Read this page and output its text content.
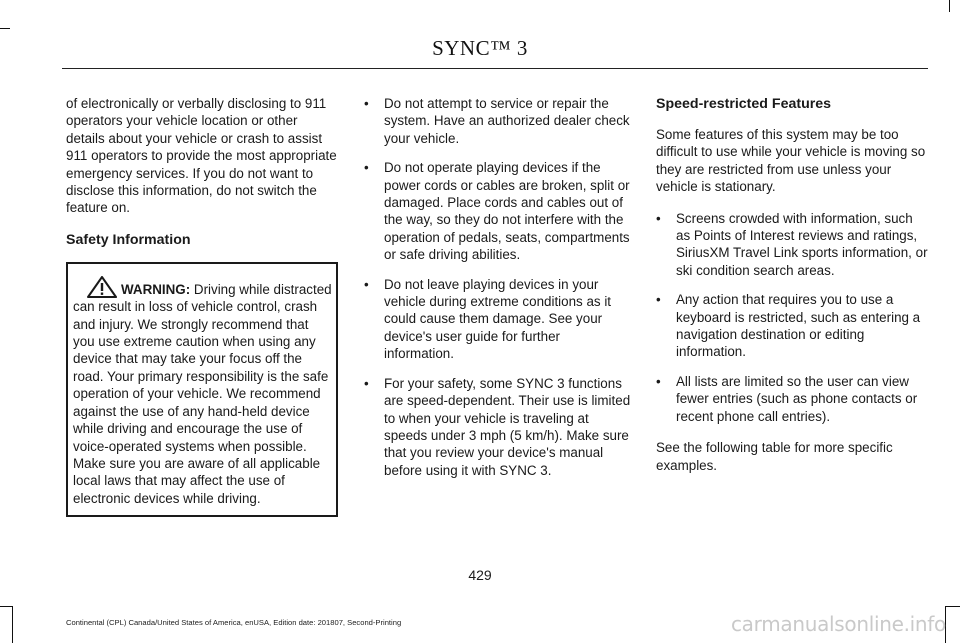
SYNC™ 3

of electronically or verbally disclosing to 911 operators your vehicle location or other details about your vehicle or crash to assist 911 operators to provide the most appropriate emergency services. If you do not want to disclose this information, do not switch the feature on.

Safety Information
WARNING: Driving while distracted can result in loss of vehicle control, crash and injury. We strongly recommend that you use extreme caution when using any device that may take your focus off the road. Your primary responsibility is the safe operation of your vehicle. We recommend against the use of any hand-held device while driving and encourage the use of voice-operated systems when possible. Make sure you are aware of all applicable local laws that may affect the use of electronic devices while driving.
• Do not attempt to service or repair the system. Have an authorized dealer check your vehicle.
• Do not operate playing devices if the power cords or cables are broken, split or damaged. Place cords and cables out of the way, so they do not interfere with the operation of pedals, seats, compartments or safe driving abilities.
• Do not leave playing devices in your vehicle during extreme conditions as it could cause them damage. See your device's user guide for further information.
• For your safety, some SYNC 3 functions are speed-dependent. Their use is limited to when your vehicle is traveling at speeds under 3 mph (5 km/h). Make sure that you review your device's manual before using it with SYNC 3.
Speed-restricted Features

Some features of this system may be too difficult to use while your vehicle is moving so they are restricted from use unless your vehicle is stationary.

• Screens crowded with information, such as Points of Interest reviews and ratings, SiriusXM Travel Link sports information, or ski condition search areas.
• Any action that requires you to use a keyboard is restricted, such as entering a navigation destination or editing information.
• All lists are limited so the user can view fewer entries (such as phone contacts or recent phone call entries).

See the following table for more specific examples.

429
Continental (CPL) Canada/United States of America, enUSA, Edition date: 201807, Second-Printing	carmanualsonline.info
